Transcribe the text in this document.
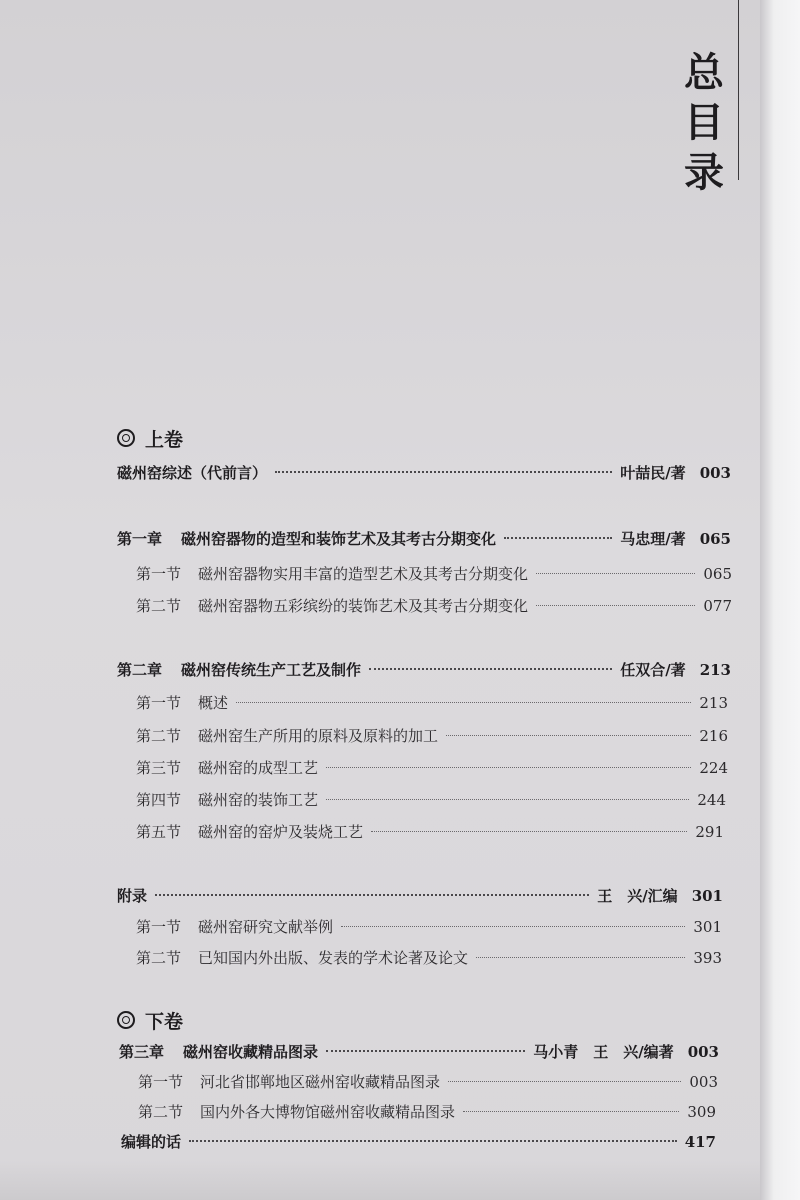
总
目
录
上卷
磁州窑综述（代前言）	叶喆民/著 003
第一章	磁州窑器物的造型和装饰艺术及其考古分期变化	马忠理/著 065
第一节	磁州窑器物实用丰富的造型艺术及其考古分期变化	065
第二节	磁州窑器物五彩缤纷的装饰艺术及其考古分期变化	077
第二章	磁州窑传统生产工艺及制作	任双合/著 213
第一节	概述	213
第二节	磁州窑生产所用的原料及原料的加工	216
第三节	磁州窑的成型工艺	224
第四节	磁州窑的装饰工艺	244
第五节	磁州窑的窑炉及装烧工艺	291
附录	王　兴/汇编 301
第一节	磁州窑研究文献举例	301
第二节	已知国内外出版、发表的学术论著及论文	393
下卷
第三章	磁州窑收藏精品图录	马小青　王　兴/编著 003
第一节	河北省邯郸地区磁州窑收藏精品图录	003
第二节	国内外各大博物馆磁州窑收藏精品图录	309
编辑的话	417
